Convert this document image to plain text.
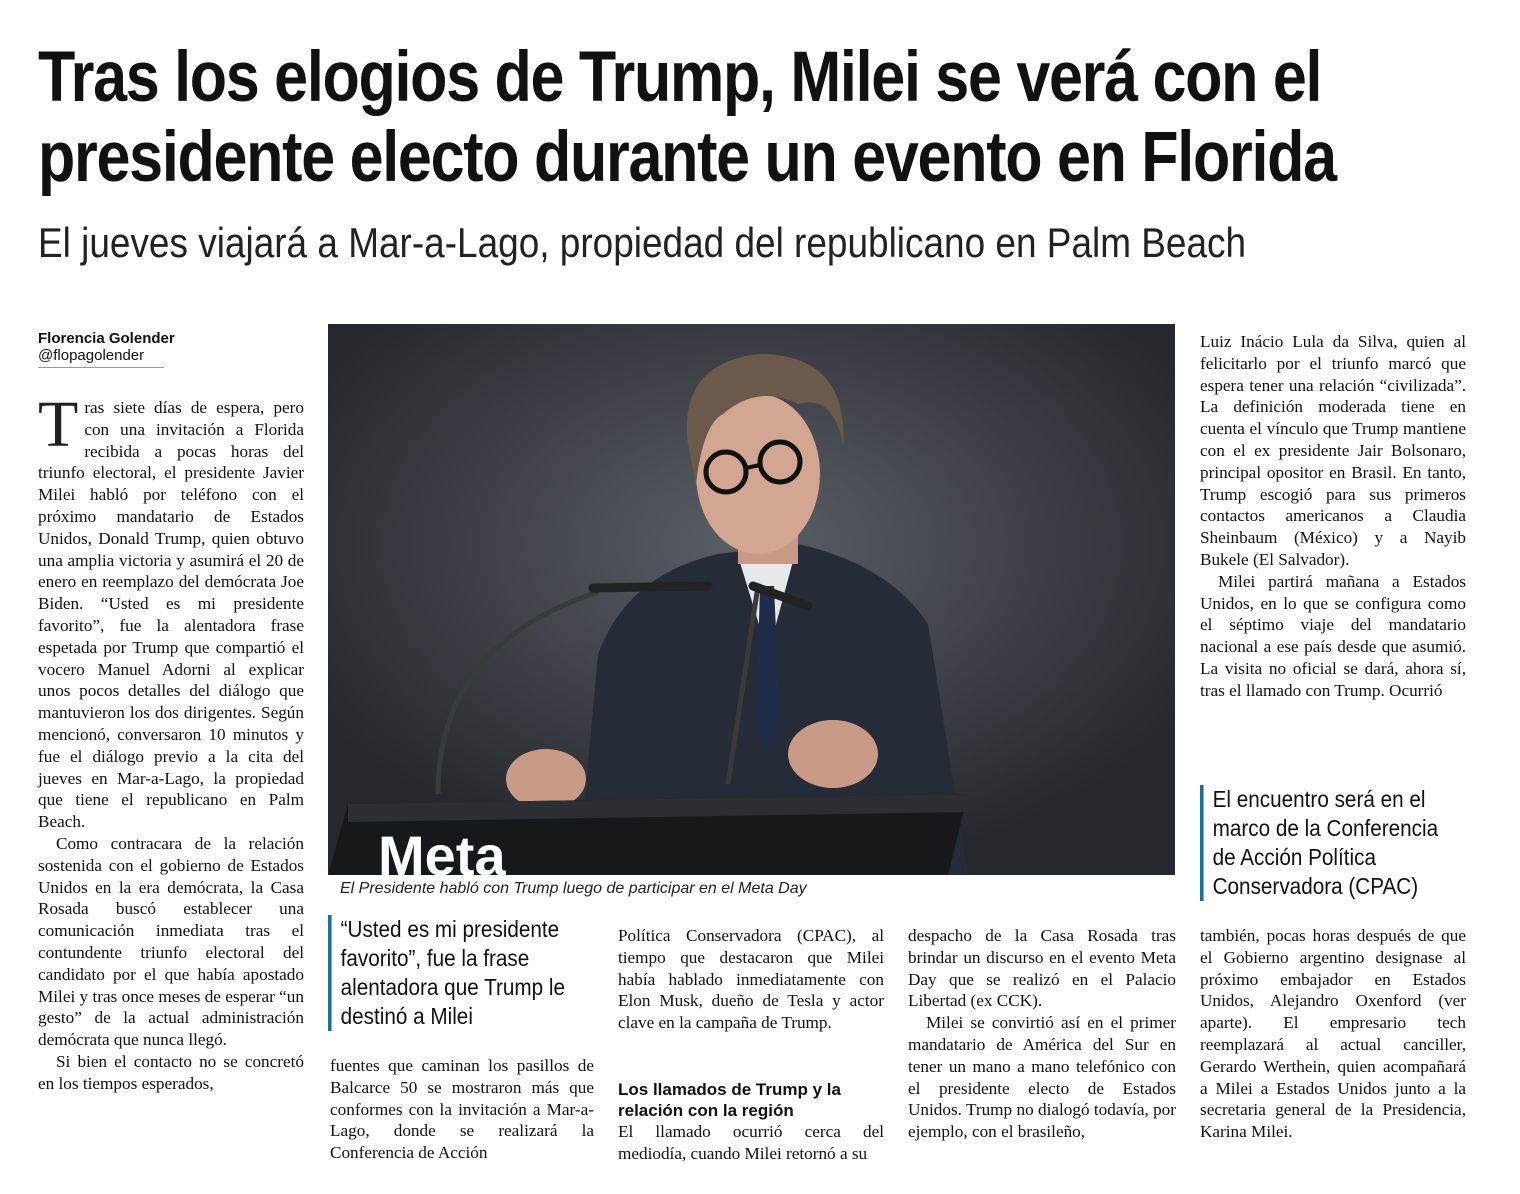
Tras los elogios de Trump, Milei se verá con el
presidente electo durante un evento en Florida
El jueves viajará a Mar-a-Lago, propiedad del republicano en Palm Beach
Florencia Golender
@flopagolender

Tras siete días de espera, pero con una invitación a Florida recibida a pocas horas del triunfo electoral, el presidente Javier Milei habló por teléfono con el próximo mandatario de Estados Unidos, Donald Trump, quien obtuvo una amplia victoria y asumirá el 20 de enero en reemplazo del demócrata Joe Biden. “Usted es mi presidente favorito”, fue la alentadora frase espetada por Trump que compartió el vocero Manuel Adorni al explicar unos pocos detalles del diálogo que mantuvieron los dos dirigentes. Según mencionó, conversaron 10 minutos y fue el diálogo previo a la cita del jueves en Mar-a-Lago, la propiedad que tiene el republicano en Palm Beach.

Como contracara de la relación sostenida con el gobierno de Estados Unidos en la era demócrata, la Casa Rosada buscó establecer una comunicación inmediata tras el contundente triunfo electoral del candidato por el que había apostado Milei y tras once meses de esperar “un gesto” de la actual administración demócrata que nunca llegó.

Si bien el contacto no se concretó en los tiempos esperados,

Meta
El Presidente habló con Trump luego de participar en el Meta Day
“Usted es mi presidente favorito”, fue la frase alentadora que Trump le destinó a Milei

fuentes que caminan los pasillos de Balcarce 50 se mostraron más que conformes con la invitación a Mar-a-Lago, donde se realizará la Conferencia de Acción

Política Conservadora (CPAC), al tiempo que destacaron que Milei había hablado inmediatamente con Elon Musk, dueño de Tesla y actor clave en la campaña de Trump.

Los llamados de Trump y la relación con la región

El llamado ocurrió cerca del mediodía, cuando Milei retornó a su

despacho de la Casa Rosada tras brindar un discurso en el evento Meta Day que se realizó en el Palacio Libertad (ex CCK).

Milei se convirtió así en el primer mandatario de América del Sur en tener un mano a mano telefónico con el presidente electo de Estados Unidos. Trump no dialogó todavía, por ejemplo, con el brasileño,

Luiz Inácio Lula da Silva, quien al felicitarlo por el triunfo marcó que espera tener una relación “civilizada”. La definición moderada tiene en cuenta el vínculo que Trump mantiene con el ex presidente Jair Bolsonaro, principal opositor en Brasil. En tanto, Trump escogió para sus primeros contactos americanos a Claudia Sheinbaum (México) y a Nayib Bukele (El Salvador).

Milei partirá mañana a Estados Unidos, en lo que se configura como el séptimo viaje del mandatario nacional a ese país desde que asumió. La visita no oficial se dará, ahora sí, tras el llamado con Trump. Ocurrió

El encuentro será en el marco de la Conferencia de Acción Política Conservadora (CPAC)

también, pocas horas después de que el Gobierno argentino designase al próximo embajador en Estados Unidos, Alejandro Oxenford (ver aparte). El empresario tech reemplazará al actual canciller, Gerardo Werthein, quien acompañará a Milei a Estados Unidos junto a la secretaria general de la Presidencia, Karina Milei.
